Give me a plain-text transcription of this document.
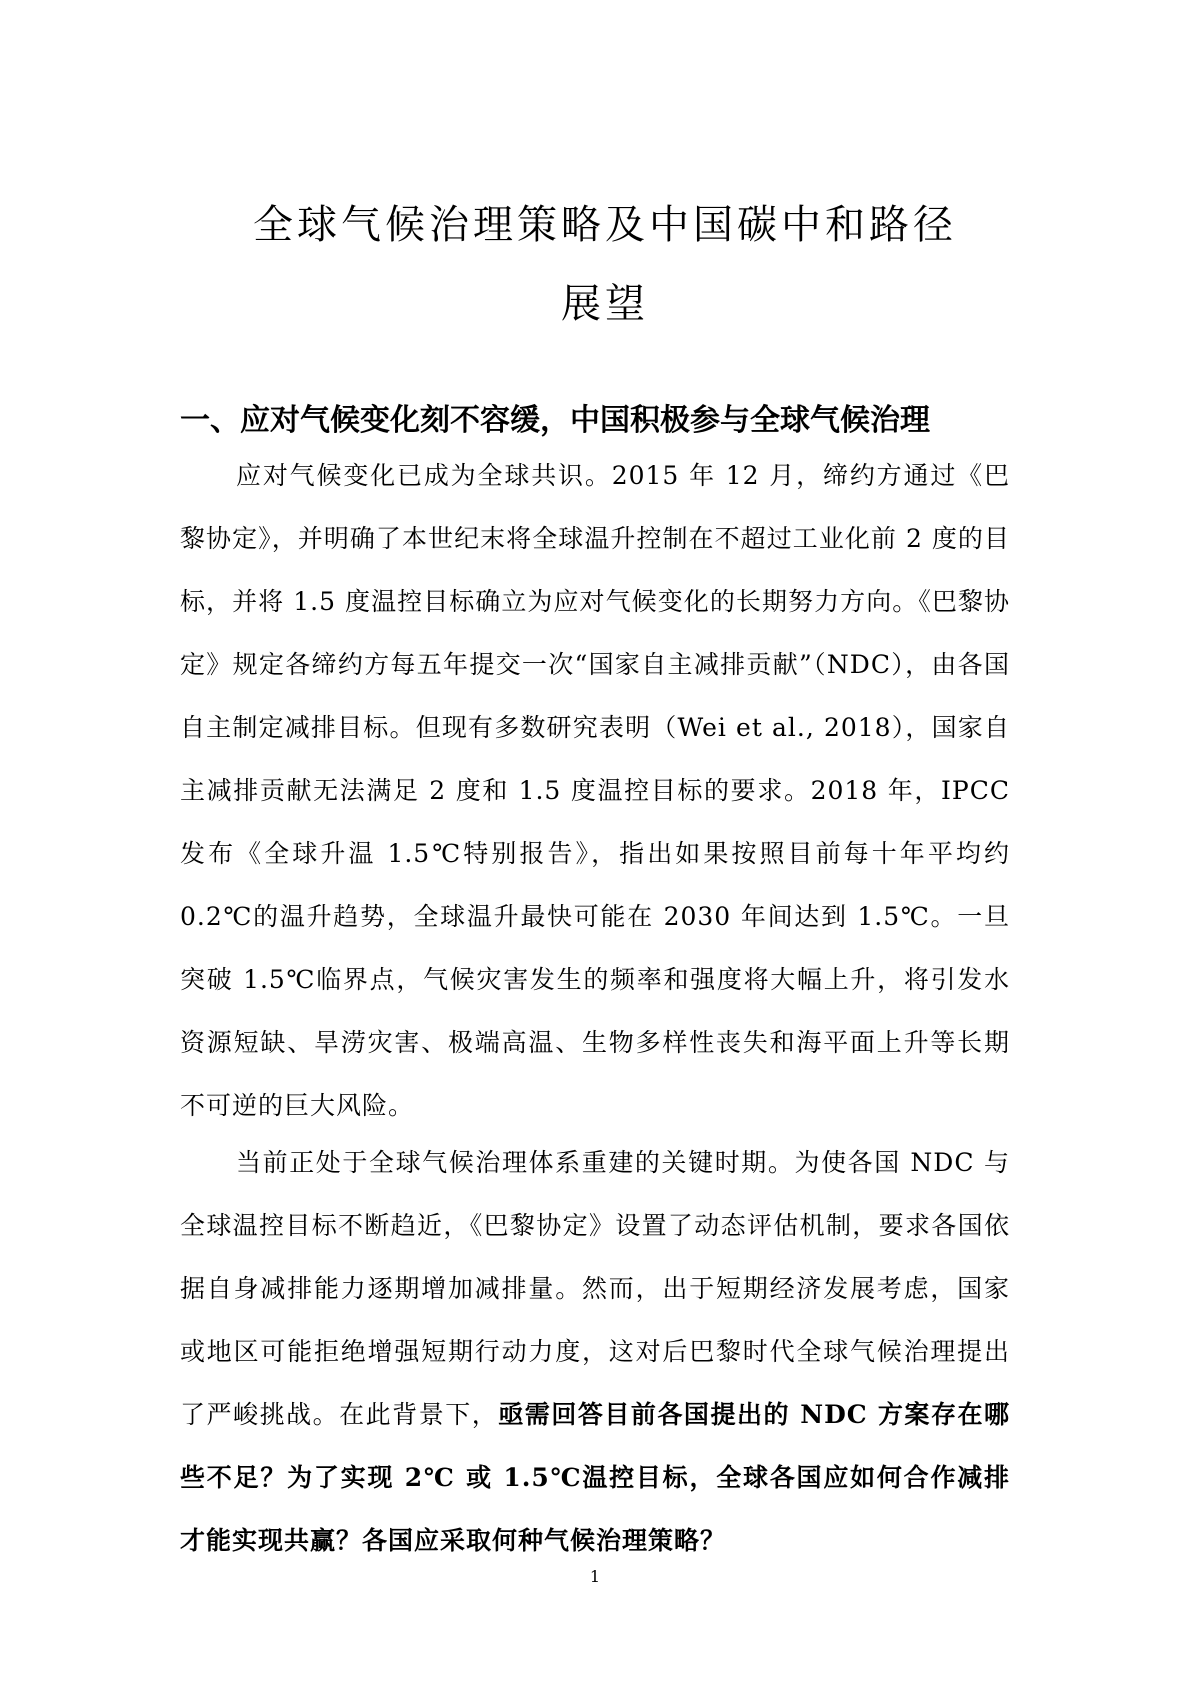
全球气候治理策略及中国碳中和路径
展望
一、应对气候变化刻不容缓，中国积极参与全球气候治理

应对气候变化已成为全球共识。2015 年 12 月，缔约方通过《巴黎协定》，并明确了本世纪末将全球温升控制在不超过工业化前 2 度的目标，并将 1.5 度温控目标确立为应对气候变化的长期努力方向。《巴黎协定》规定各缔约方每五年提交一次“国家自主减排贡献”（NDC），由各国自主制定减排目标。但现有多数研究表明（Wei et al., 2018），国家自主减排贡献无法满足 2 度和 1.5 度温控目标的要求。2018 年，IPCC 发布《全球升温 1.5℃特别报告》，指出如果按照目前每十年平均约 0.2℃的温升趋势，全球温升最快可能在 2030 年间达到 1.5℃。一旦突破 1.5℃临界点，气候灾害发生的频率和强度将大幅上升，将引发水资源短缺、旱涝灾害、极端高温、生物多样性丧失和海平面上升等长期不可逆的巨大风险。

当前正处于全球气候治理体系重建的关键时期。为使各国 NDC 与全球温控目标不断趋近，《巴黎协定》设置了动态评估机制，要求各国依据自身减排能力逐期增加减排量。然而，出于短期经济发展考虑，国家或地区可能拒绝增强短期行动力度，这对后巴黎时代全球气候治理提出了严峻挑战。在此背景下，亟需回答目前各国提出的 NDC 方案存在哪些不足？为了实现 2℃ 或 1.5℃温控目标，全球各国应如何合作减排才能实现共赢？各国应采取何种气候治理策略？

1
